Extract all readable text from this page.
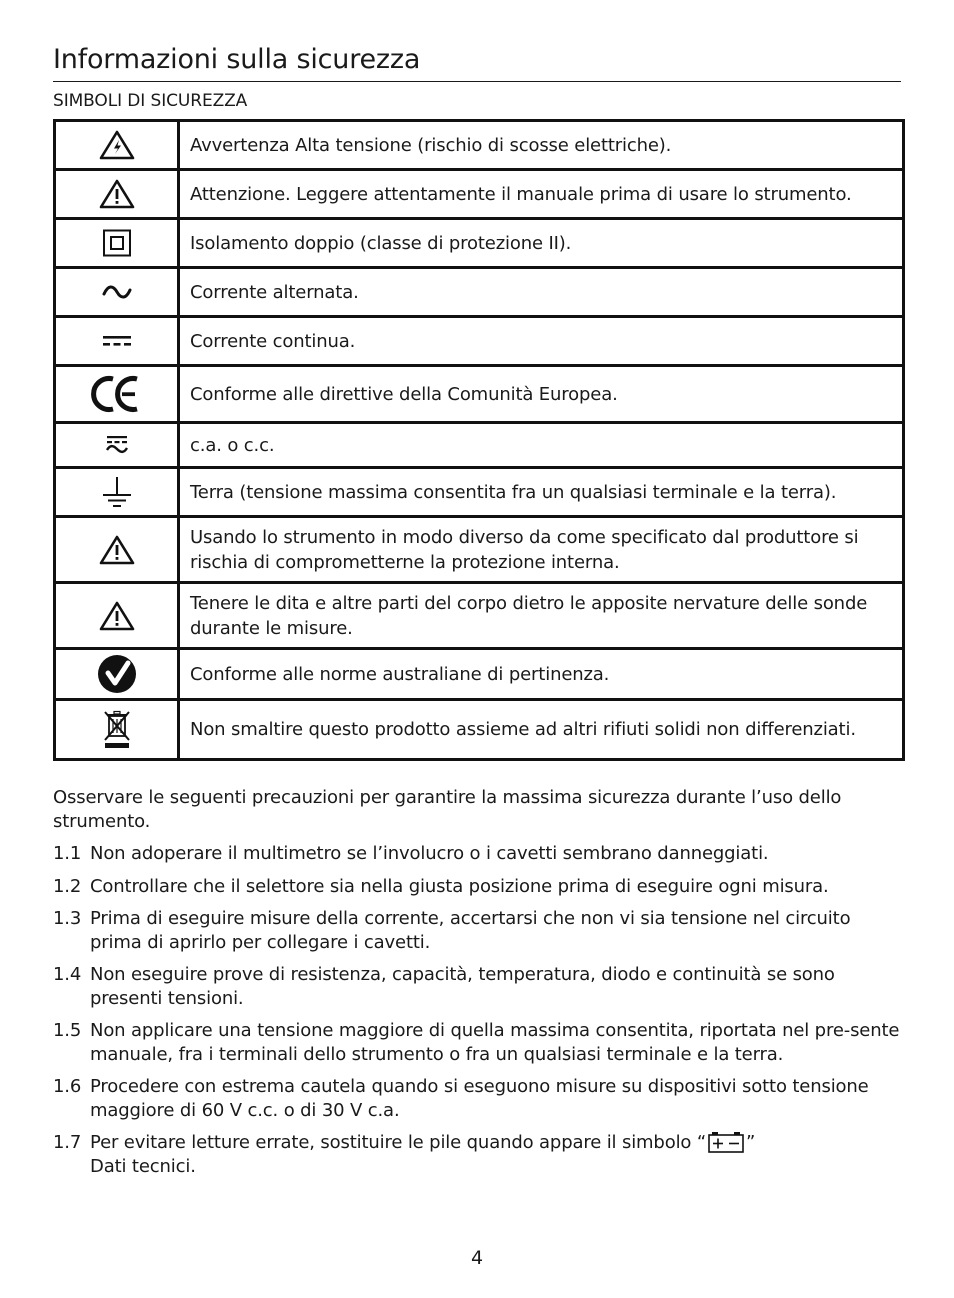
Informazioni sulla sicurezza
SIMBOLI DI SICUREZZA
	Avvertenza Alta tensione (rischio di scosse elettriche).

	Attenzione. Leggere attentamente il manuale prima di usare lo strumento.

	Isolamento doppio (classe di protezione II).

	Corrente alternata.

	Corrente continua.

	Conforme alle direttive della Comunità Europea.

	c.a. o c.c.

	Terra (tensione massima consentita fra un qualsiasi terminale e la terra).

	Usando lo strumento in modo diverso da come specificato dal produttore si rischia di comprometterne la protezione interna.

	Tenere le dita e altre parti del corpo dietro le apposite nervature delle sonde durante le misure.

	Conforme alle norme australiane di pertinenza.

	Non smaltire questo prodotto assieme ad altri rifiuti solidi non differenziati.

Osservare le seguenti precauzioni per garantire la massima sicurezza durante l’uso dello strumento.

1.1 Non adoperare il multimetro se l’involucro o i cavetti sembrano danneggiati.
1.2 Controllare che il selettore sia nella giusta posizione prima di eseguire ogni misura.
1.3 Prima di eseguire misure della corrente, accertarsi che non vi sia tensione nel circuito prima di aprirlo per collegare i cavetti.
1.4 Non eseguire prove di resistenza, capacità, temperatura, diodo e continuità se sono presenti tensioni.
1.5 Non applicare una tensione maggiore di quella massima consentita, riportata nel pre-sente manuale, fra i terminali dello strumento o fra un qualsiasi terminale e la terra.
1.6 Procedere con estrema cautela quando si eseguono misure su dispositivi sotto tensione maggiore di 60 V c.c. o di 30 V c.a.
1.7 Per evitare letture errate, sostituire le pile quando appare il simbolo “ ”
Dati tecnici.
4
